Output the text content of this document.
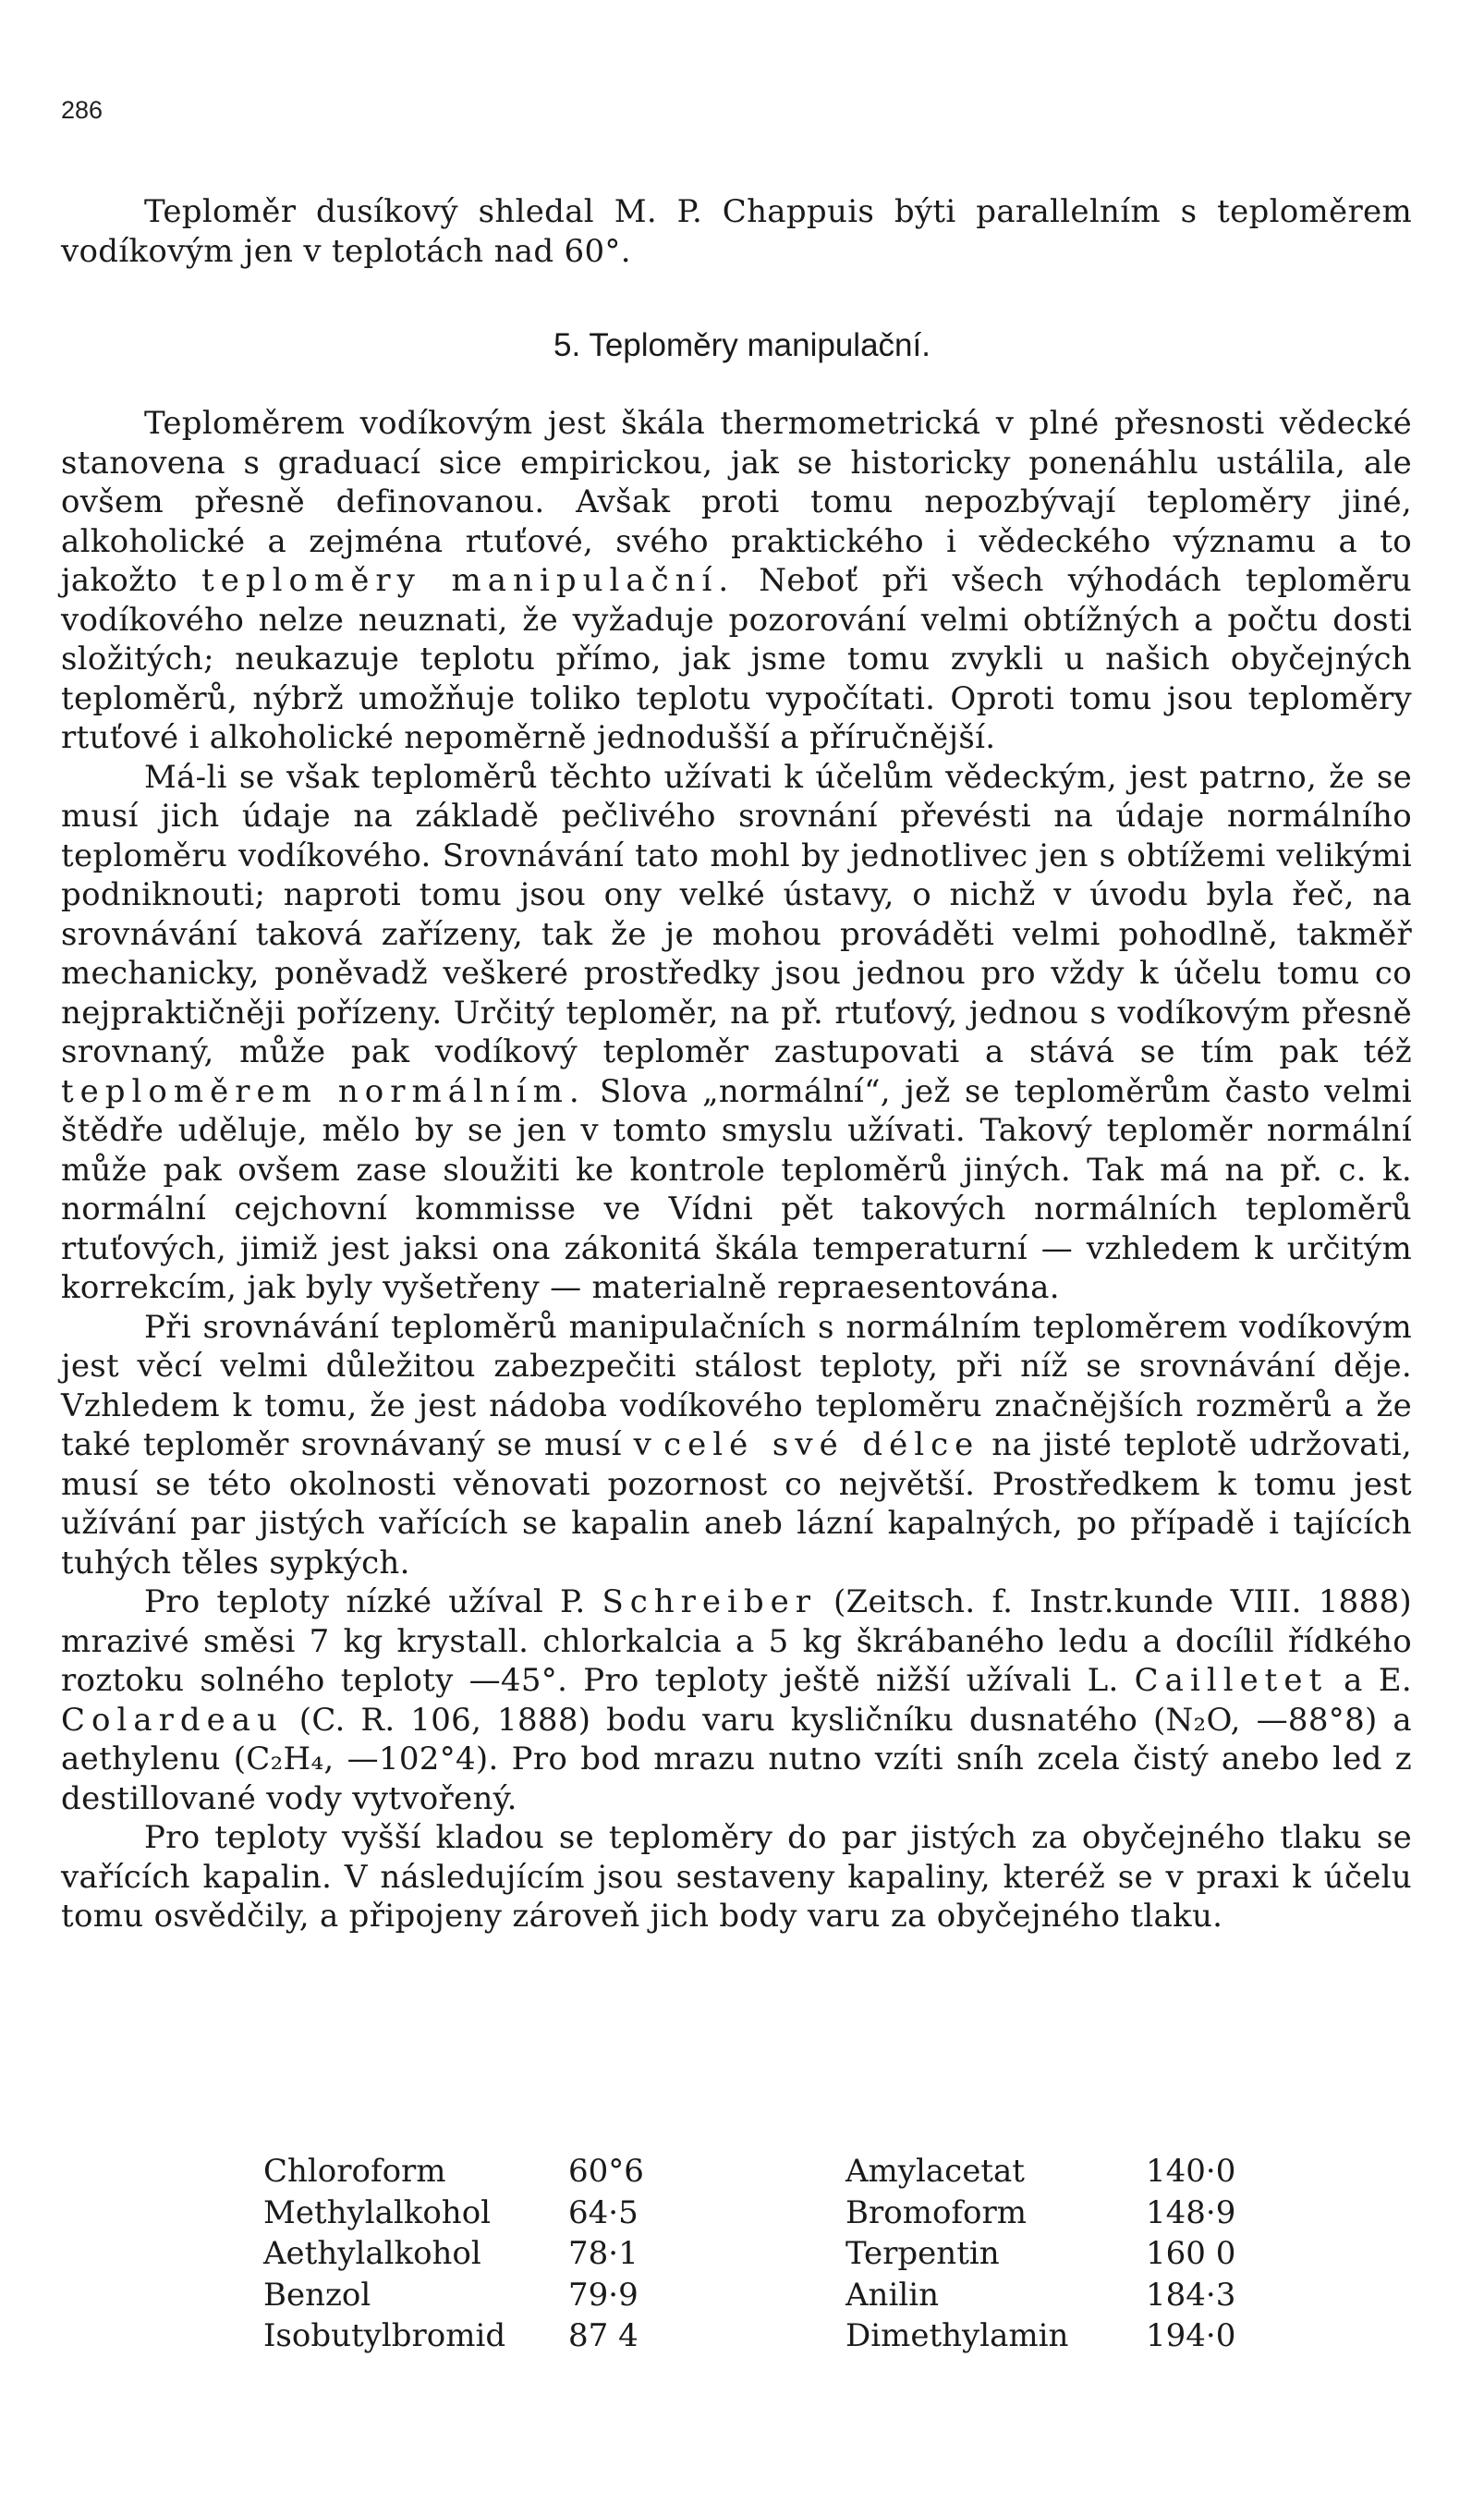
286

Teploměr dusíkový shledal M. P. Chappuis býti parallelním s teploměrem vodíkovým jen v teplotách nad 60°.

5. Teploměry manipulační.

Teploměrem vodíkovým jest škála thermometrická v plné přesnosti vědecké stanovena s graduací sice empirickou, jak se historicky ponenáhlu ustálila, ale ovšem přesně definovanou. Avšak proti tomu nepozbývají teploměry jiné, alkoholické a zejména rtuťové, svého praktického i vědeckého významu a to jakožto teploměry manipulační. Neboť při všech výhodách teploměru vodíkového nelze neuznati, že vyžaduje pozorování velmi obtížných a počtu dosti složitých; neukazuje teplotu přímo, jak jsme tomu zvykli u našich obyčejných teploměrů, nýbrž umožňuje toliko teplotu vypočítati. Oproti tomu jsou teploměry rtuťové i alkoholické nepoměrně jednodušší a příručnější.

Má-li se však teploměrů těchto užívati k účelům vědeckým, jest patrno, že se musí jich údaje na základě pečlivého srovnání převésti na údaje normálního teploměru vodíkového. Srovnávání tato mohl by jednotlivec jen s obtížemi velikými podniknouti; naproti tomu jsou ony velké ústavy, o nichž v úvodu byla řeč, na srovnávání taková zařízeny, tak že je mohou prováděti velmi pohodlně, takměř mechanicky, poněvadž veškeré prostředky jsou jednou pro vždy k účelu tomu co nejpraktičněji pořízeny. Určitý teploměr, na př. rtuťový, jednou s vodíkovým přesně srovnaný, může pak vodíkový teploměr zastupovati a stává se tím pak též teploměrem normálním. Slova „normální“, jež se teploměrům často velmi štědře uděluje, mělo by se jen v tomto smyslu užívati. Takový teploměr normální může pak ovšem zase sloužiti ke kontrole teploměrů jiných. Tak má na př. c. k. normální cejchovní kommisse ve Vídni pět takových normálních teploměrů rtuťových, jimiž jest jaksi ona zákonitá škála temperaturní — vzhledem k určitým korrekcím, jak byly vyšetřeny — materialně repraesentována.

Při srovnávání teploměrů manipulačních s normálním teploměrem vodíkovým jest věcí velmi důležitou zabezpečiti stálost teploty, při níž se srovnávání děje. Vzhledem k tomu, že jest nádoba vodíkového teploměru značnějších rozměrů a že také teploměr srovnávaný se musí v celé své délce na jisté teplotě udržovati, musí se této okolnosti věnovati pozornost co největší. Prostředkem k tomu jest užívání par jistých vařících se kapalin aneb lázní kapalných, po případě i tajících tuhých těles sypkých.

Pro teploty nízké užíval P. Schreiber (Zeitsch. f. Instr.kunde VIII. 1888) mrazivé směsi 7 kg krystall. chlorkalcia a 5 kg škrábaného ledu a docílil řídkého roztoku solného teploty —45°. Pro teploty ještě nižší užívali L. Cailletet a E. Colardeau (C. R. 106, 1888) bodu varu kysličníku dusnatého (N₂O, —88°8) a aethylenu (C₂H₄, —102°4). Pro bod mrazu nutno vzíti sníh zcela čistý anebo led z destillované vody vytvořený.

Pro teploty vyšší kladou se teploměry do par jistých za obyčejného tlaku se vařících kapalin. V následujícím jsou sestaveny kapaliny, kteréž se v praxi k účelu tomu osvědčily, a připojeny zároveň jich body varu za obyčejného tlaku.

Chloroform	60°6	Amylacetat	140·0
Methylalkohol	64·5	Bromoform	148·9
Aethylalkohol	78·1	Terpentin	160 0
Benzol	79·9	Anilin	184·3
Isobutylbromid	87 4	Dimethylamin	194·0
